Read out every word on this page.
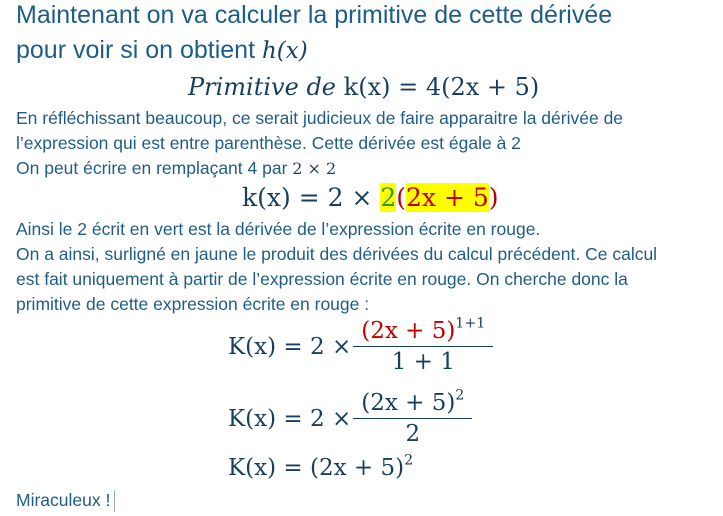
Maintenant on va calculer la primitive de cette dérivée
pour voir si on obtient h(x)
Primitive de k(x) = 4(2x + 5)
En réfléchissant beaucoup, ce serait judicieux de faire apparaitre la dérivée de
l’expression qui est entre parenthèse. Cette dérivée est égale à 2
On peut écrire en remplaçant 4 par 2 × 2
k(x) = 2 × 2(2x + 5)
Ainsi le 2 écrit en vert est la dérivée de l’expression écrite en rouge.
On a ainsi, surligné en jaune le produit des dérivées du calcul précédent. Ce calcul
est fait uniquement à partir de l’expression écrite en rouge. On cherche donc la
primitive de cette expression écrite en rouge :
$K(x) = 2 \times \frac{(2x + 5)^{1+1}}{1 + 1}$
$K(x) = 2 \times \frac{(2x + 5)^2}{2}$
$K(x) = (2x + 5)^2$
Miraculeux !
